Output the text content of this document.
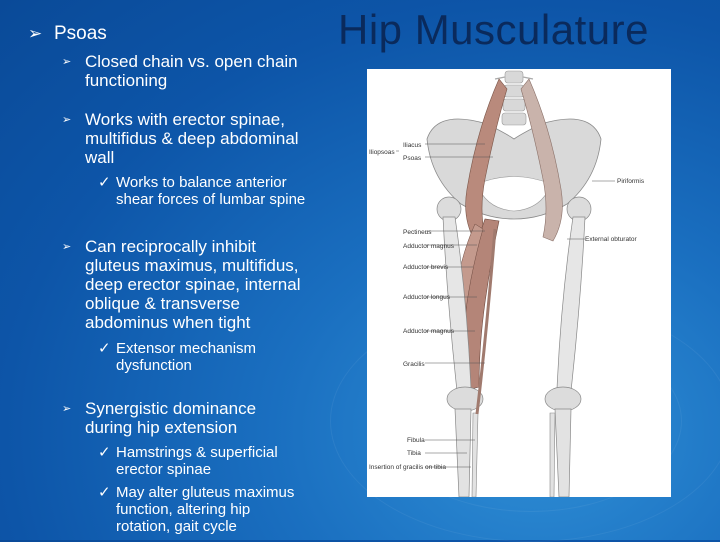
Hip Musculature
➢ Psoas
➢ Closed chain vs. open chain
functioning
➢ Works with erector spinae,
multifidus & deep abdominal
wall
✓ Works to balance anterior
shear forces of lumbar spine
➢ Can reciprocally inhibit
gluteus maximus, multifidus,
deep erector spinae, internal
oblique & transverse
abdominus when tight
✓ Extensor mechanism
dysfunction
➢ Synergistic dominance
during hip extension
✓ Hamstrings & superficial
erector spinae
✓ May alter gluteus maximus
function, altering hip
rotation, gait cycle
Iliacus
Psoas
Iliopsoas
Piriformis
Pectineus
Adductor magnus
Adductor brevis
External obturator
Adductor longus
Adductor magnus
Gracilis
Fibula
Tibia
Insertion of gracilis on tibia
